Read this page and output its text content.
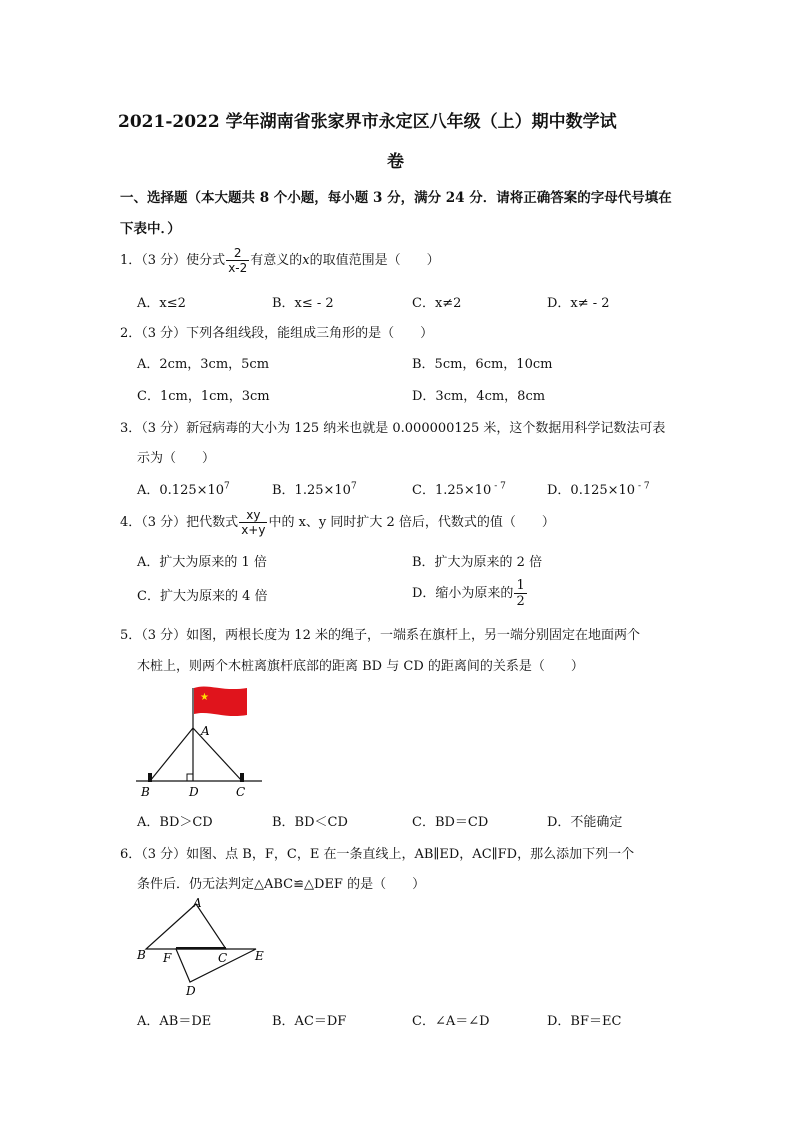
2021-2022 学年湖南省张家界市永定区八年级（上）期中数学试
卷
一、选择题（本大题共 8 个小题，每小题 3 分，满分 24 分．请将正确答案的字母代号填在
下表中．）
1．（3 分）使分式 $\frac{2}{x-2}$ 有意义的x的取值范围是（　　）
A．x≤2	B．x≤ - 2	C．x≠2	D．x≠ - 2
2．（3 分）下列各组线段，能组成三角形的是（　　）
A．2cm，3cm，5cm	B．5cm，6cm，10cm
C．1cm，1cm，3cm	D．3cm，4cm，8cm
3．（3 分）新冠病毒的大小为 125 纳米也就是 0.000000125 米，这个数据用科学记数法可表
示为（　　）
A．$0.125\times 10^7$	B．$1.25\times 10^7$	C．1.25×10 $^{- 7}$	D．0.125×10 $^{- 7}$
4．（3 分）把代数式 $\frac{xy}{x+y}$ 中的 x、y 同时扩大 2 倍后，代数式的值（　　）
A．扩大为原来的 1 倍	B．扩大为原来的 2 倍
C．扩大为原来的 4 倍	D．缩小为原来的 $\frac{1}{2}$
5．（3 分）如图，两根长度为 12 米的绳子，一端系在旗杆上，另一端分别固定在地面两个
木桩上，则两个木桩离旗杆底部的距离 BD 与 CD 的距离间的关系是（　　）
★
A
B	D	C
A．BD＞CD	B．BD＜CD	C．BD＝CD	D．不能确定
6．（3 分）如图、点 B，F，C，E 在一条直线上，AB∥ED，AC∥FD，那么添加下列一个
条件后．仍无法判定△ABC≌△DEF 的是（　　）
A
B F	C E
D
A．AB＝DE	B．AC＝DF	C．∠A＝∠D	D．BF＝EC
